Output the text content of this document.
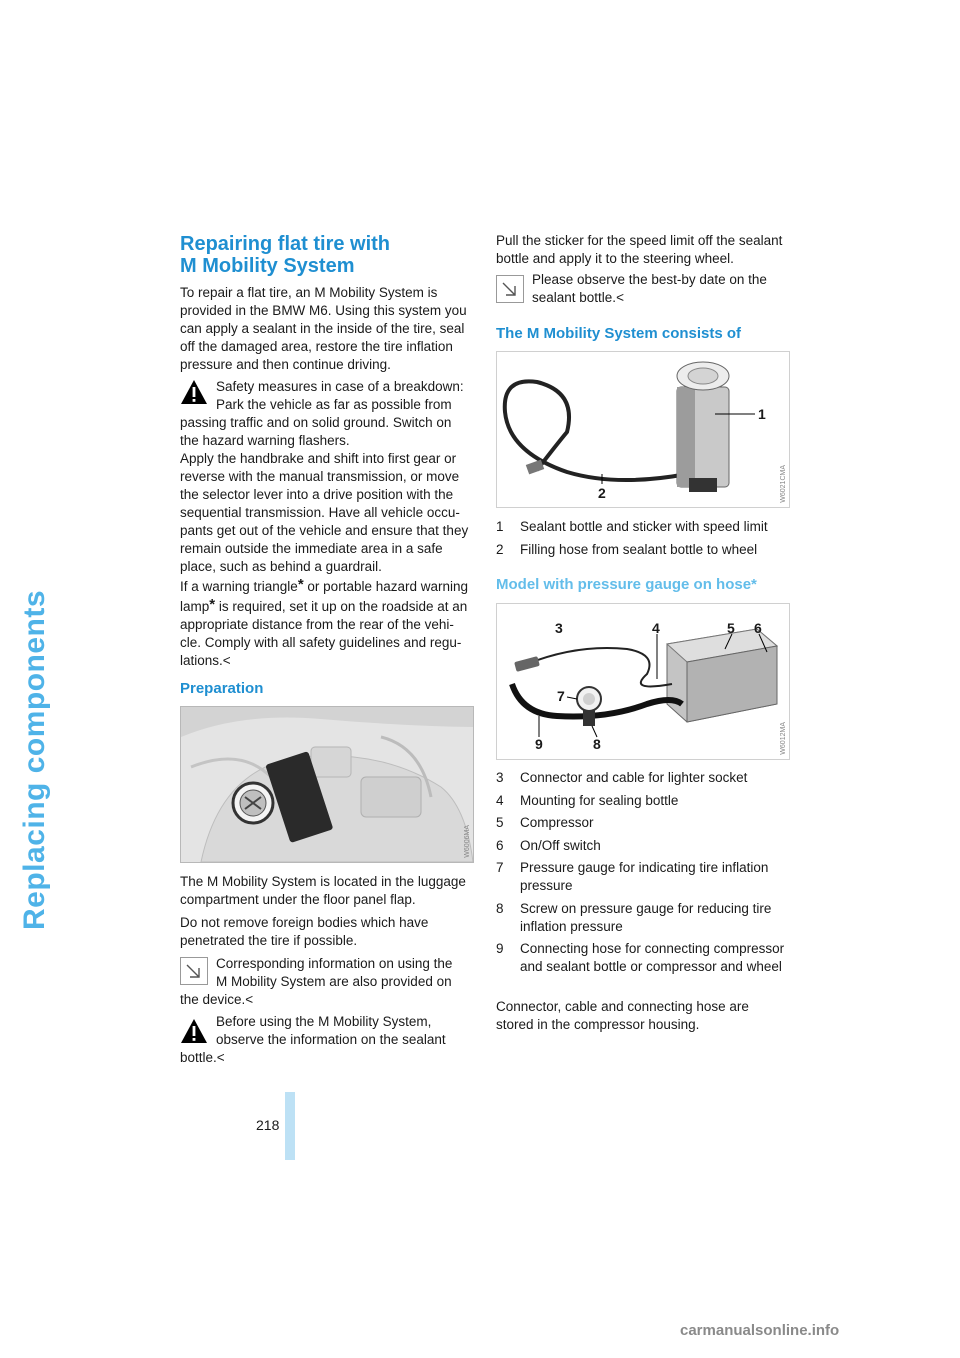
Replacing components
Repairing flat tire with
M Mobility System

To repair a flat tire, an M Mobility System is provided in the BMW M6. Using this system you can apply a sealant in the inside of the tire, seal off the damaged area, restore the tire inflation pressure and then continue driving.

Safety measures in case of a breakdown:
Park the vehicle as far as possible from
passing traffic and on solid ground. Switch on
the hazard warning flashers.
Apply the handbrake and shift into first gear or
reverse with the manual transmission, or move
the selector lever into a drive position with the
sequential transmission. Have all vehicle occu-
pants get out of the vehicle and ensure that they
remain outside the immediate area in a safe
place, such as behind a guardrail.
If a warning triangle* or portable hazard warning
lamp* is required, set it up on the roadside at an
appropriate distance from the rear of the vehi-
cle. Comply with all safety guidelines and regu-
lations.<
Preparation
W6006MA

The M Mobility System is located in the luggage compartment under the floor panel flap.

Do not remove foreign bodies which have penetrated the tire if possible.

Corresponding information on using the
M Mobility System are also provided on
the device.<
Before using the M Mobility System,
observe the information on the sealant
bottle.<

Pull the sticker for the speed limit off the sealant bottle and apply it to the steering wheel.

Please observe the best-by date on the
sealant bottle.<
The M Mobility System consists of
1
2	W6021CMA
1	Sealant bottle and sticker with speed limit
2	Filling hose from sealant bottle to wheel
Model with pressure gauge on hose*
3	4	5 6
7
8
9	W6012MA
3	Connector and cable for lighter socket
4	Mounting for sealing bottle
5	Compressor
6	On/Off switch
7	Pressure gauge for indicating tire inflation pressure
8	Screw on pressure gauge for reducing tire inflation pressure
9	Connecting hose for connecting compressor and sealant bottle or compressor and wheel

Connector, cable and connecting hose are stored in the compressor housing.

218
carmanualsonline.info
